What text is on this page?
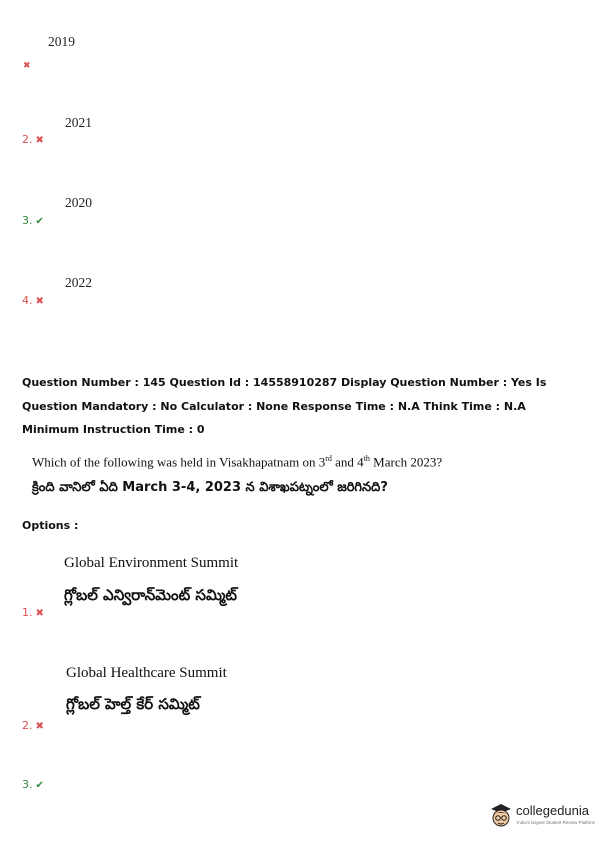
2019
✖
2021
2. ✖
2020
3. ✔
2022
4. ✖
Question Number : 145 Question Id : 14558910287 Display Question Number : Yes Is Question Mandatory : No Calculator : None Response Time : N.A Think Time : N.A Minimum Instruction Time : 0
Which of the following was held in Visakhapatnam on 3rd and 4th March 2023?
క్రింది వానిలో ఏది March 3-4, 2023 న విశాఖపట్నంలో జరిగినది?
Options :
Global Environment Summit
గ్లోబల్ ఎన్విరాన్‌మెంట్ సమ్మిట్
1. ✖
Global Healthcare Summit
గ్లోబల్ హెల్త్ కేర్ సమ్మిట్
2. ✖
3. ✔
collegedunia
India's largest Student Review Platform
